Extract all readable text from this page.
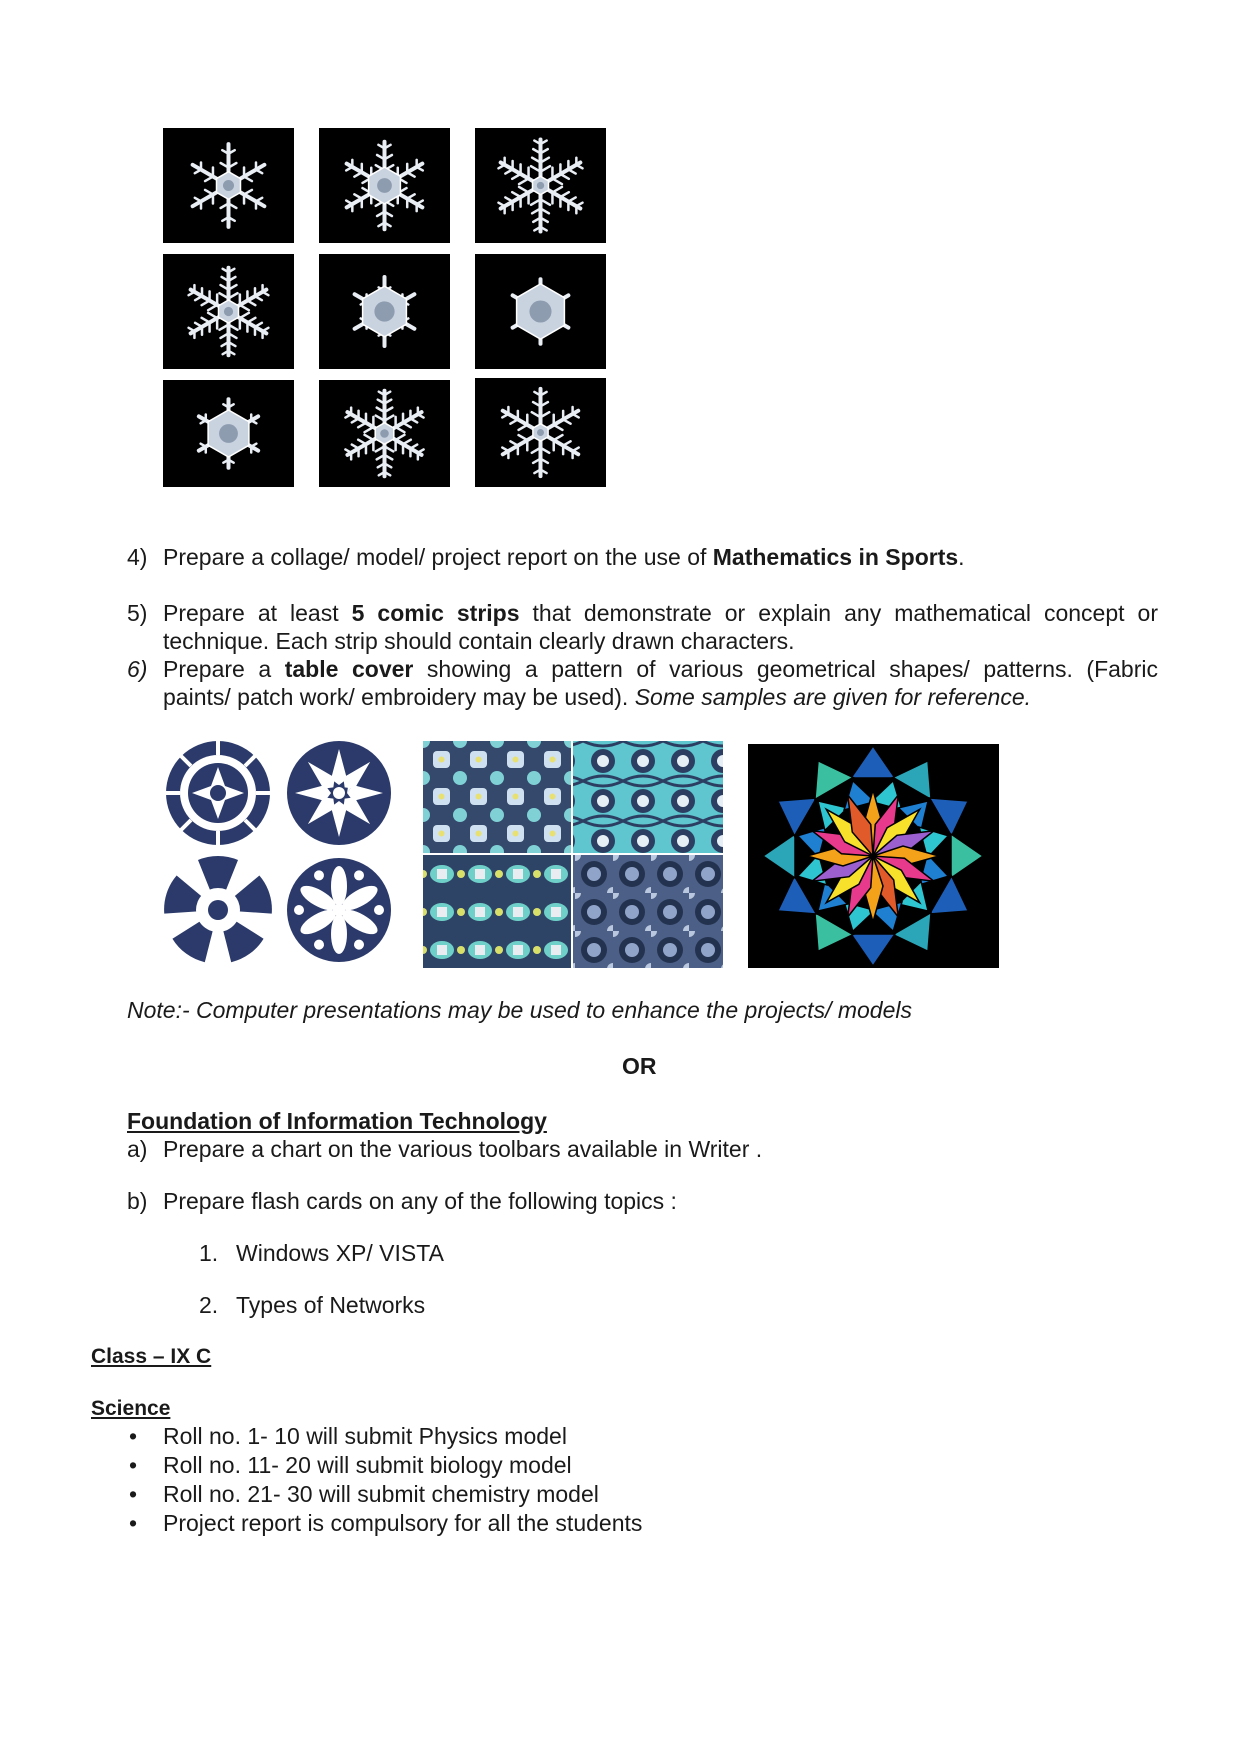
4) Prepare a collage/ model/ project report on the use of Mathematics in Sports.
5) Prepare at least 5 comic strips that demonstrate or explain any mathematical concept or
technique. Each strip should contain clearly drawn characters.
6) Prepare a table cover showing a pattern of various geometrical shapes/ patterns. (Fabric
paints/ patch work/ embroidery may be used). Some samples are given for reference.
Note:- Computer presentations may be used to enhance the projects/ models
OR
Foundation of Information Technology
a) Prepare a chart on the various toolbars available in Writer .
b) Prepare flash cards on any of the following topics :
1. Windows XP/ VISTA
2. Types of Networks
Class – IX C
Science
• Roll no. 1- 10 will submit Physics model
• Roll no. 11- 20 will submit biology model
• Roll no. 21- 30 will submit chemistry model
• Project report is compulsory for all the students
